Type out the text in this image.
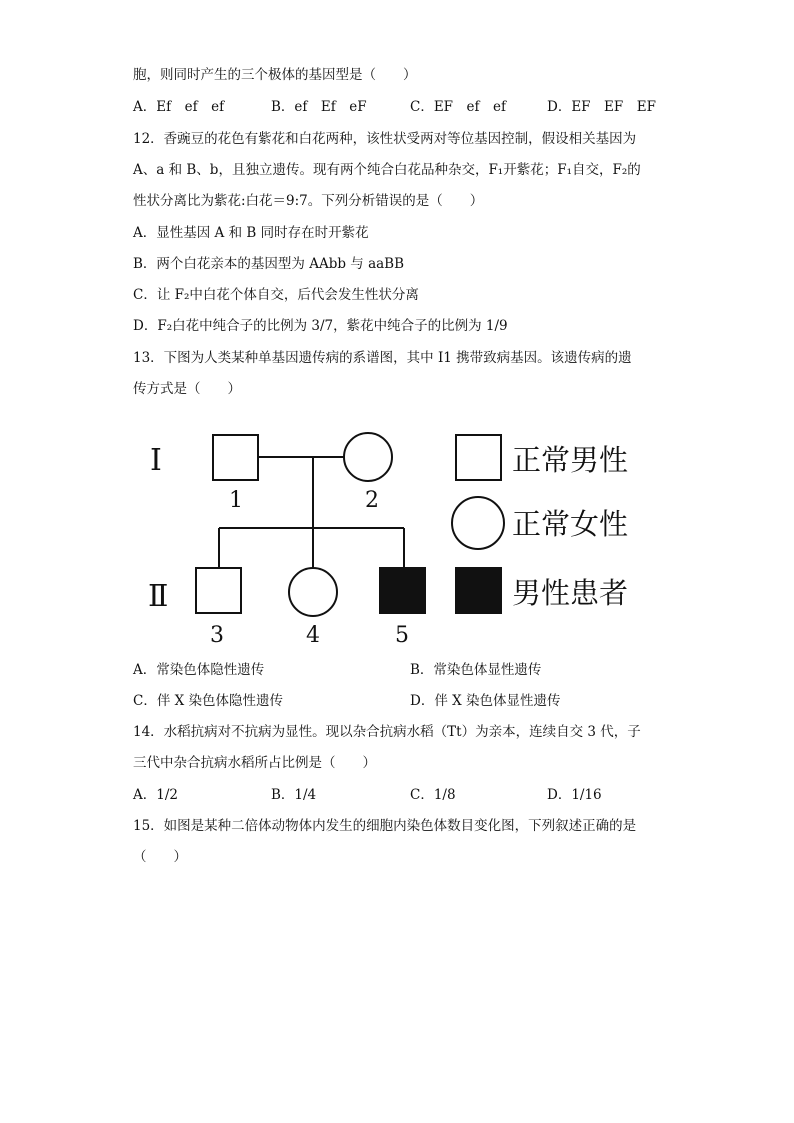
胞，则同时产生的三个极体的基因型是（　　）
A．Ef　ef　ef	B．ef　Ef　eF	C．EF　ef　ef	D．EF　EF　EF
12．香豌豆的花色有紫花和白花两种，该性状受两对等位基因控制，假设相关基因为
A、a 和 B、b，且独立遗传。现有两个纯合白花品种杂交，F₁开紫花；F₁自交，F₂的
性状分离比为紫花:白花＝9:7。下列分析错误的是（　　）
A．显性基因 A 和 B 同时存在时开紫花
B．两个白花亲本的基因型为 AAbb 与 aaBB
C．让 F₂中白花个体自交，后代会发生性状分离
D．F₂白花中纯合子的比例为 3/7，紫花中纯合子的比例为 1/9
13．下图为人类某种单基因遗传病的系谱图，其中 Ⅰ1 携带致病基因。该遗传病的遗
传方式是（　　）
Ⅰ
Ⅱ
1	2
3	4	5
正常男性
正常女性
男性患者
A．常染色体隐性遗传	B．常染色体显性遗传
C．伴 X 染色体隐性遗传	D．伴 X 染色体显性遗传
14．水稻抗病对不抗病为显性。现以杂合抗病水稻（Tt）为亲本，连续自交 3 代，子
三代中杂合抗病水稻所占比例是（　　）
A．1/2	B．1/4	C．1/8	D．1/16
15．如图是某种二倍体动物体内发生的细胞内染色体数目变化图，下列叙述正确的是
（　　）
